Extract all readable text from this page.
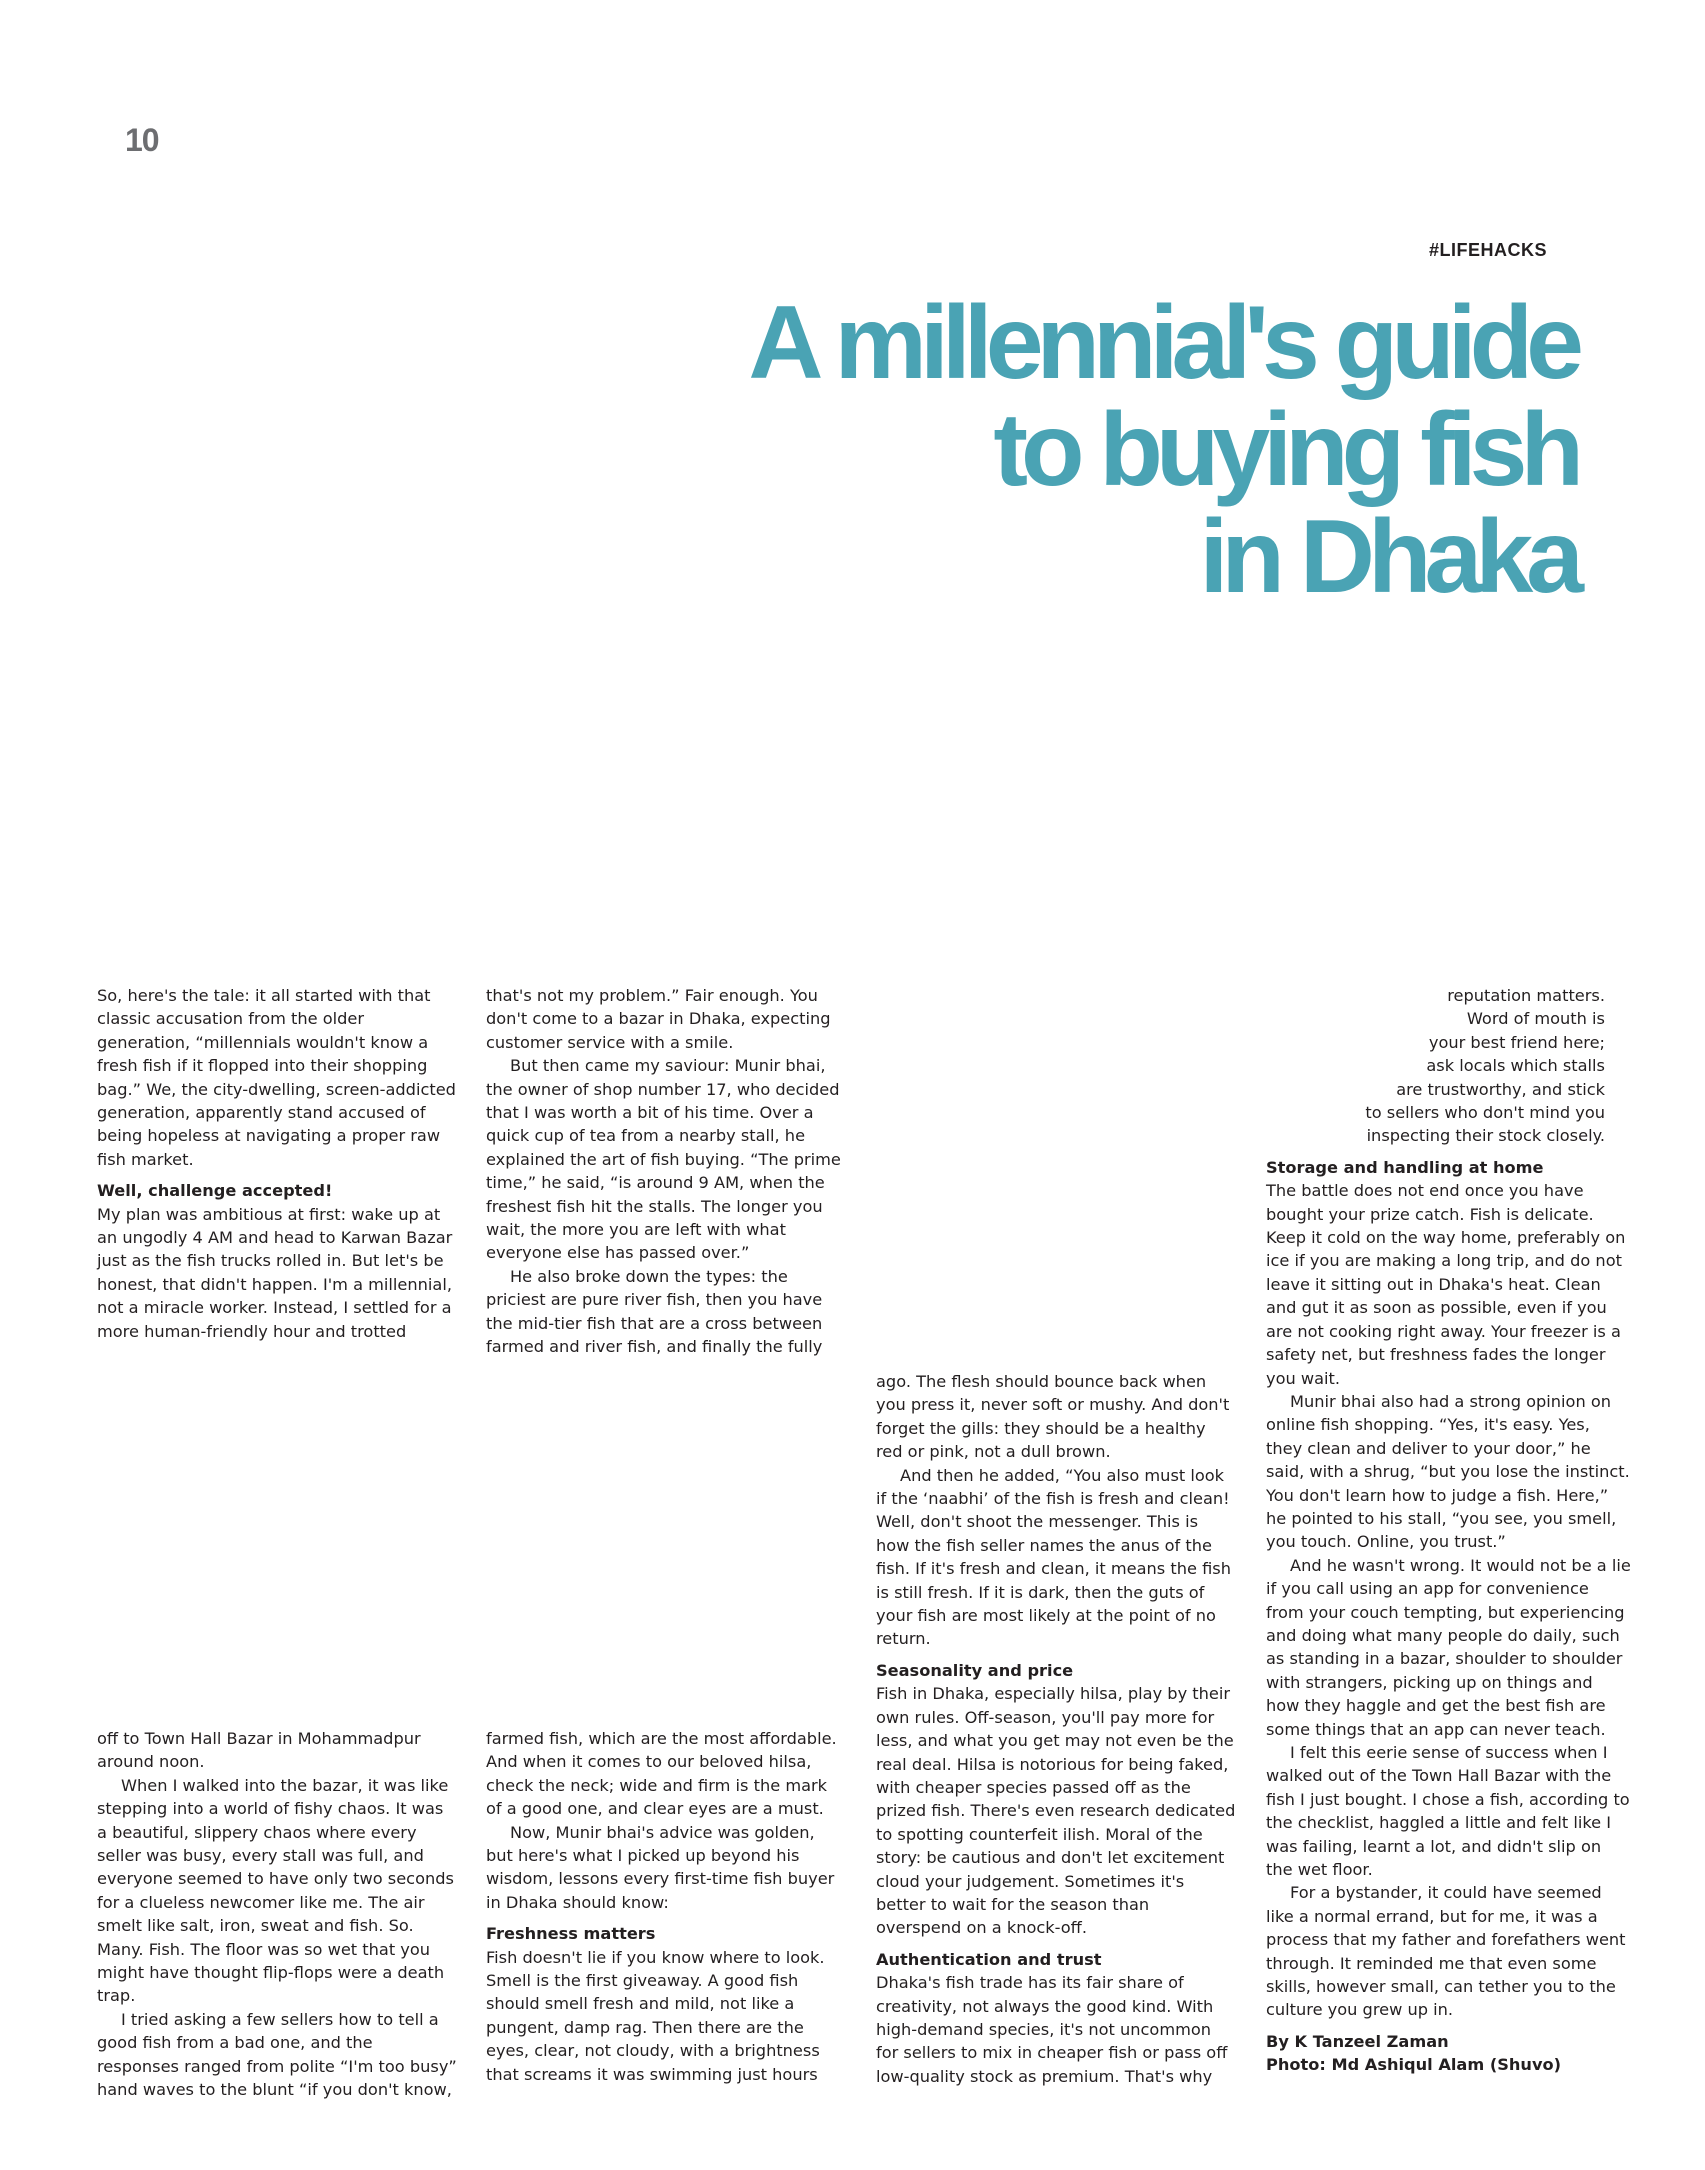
10
#LIFEHACKS
A millennial's guide
to buying fish
in Dhaka

So, here's the tale: it all started with that classic accusation from the older generation, “millennials wouldn't know a fresh fish if it flopped into their shopping bag.” We, the city-dwelling, screen-addicted generation, apparently stand accused of being hopeless at navigating a proper raw fish market.

Well, challenge accepted!

My plan was ambitious at first: wake up at an ungodly 4 AM and head to Karwan Bazar just as the fish trucks rolled in. But let's be honest, that didn't happen. I'm a millennial, not a miracle worker. Instead, I settled for a more human-friendly hour and trotted

that's not my problem.” Fair enough. You don't come to a bazar in Dhaka, expecting customer service with a smile.

But then came my saviour: Munir bhai, the owner of shop number 17, who decided that I was worth a bit of his time. Over a quick cup of tea from a nearby stall, he explained the art of fish buying. “The prime time,” he said, “is around 9 AM, when the freshest fish hit the stalls. The longer you wait, the more you are left with what everyone else has passed over.”

He also broke down the types: the priciest are pure river fish, then you have the mid-tier fish that are a cross between farmed and river fish, and finally the fully

reputation matters.
Word of mouth is
your best friend here;
ask locals which stalls
are trustworthy, and stick
to sellers who don't mind you
inspecting their stock closely.
Storage and handling at home

The battle does not end once you have bought your prize catch. Fish is delicate. Keep it cold on the way home, preferably on ice if you are making a long trip, and do not leave it sitting out in Dhaka's heat. Clean and gut it as soon as possible, even if you are not cooking right away. Your freezer is a safety net, but freshness fades the longer you wait.

Munir bhai also had a strong opinion on online fish shopping. “Yes, it's easy. Yes, they clean and deliver to your door,” he said, with a shrug, “but you lose the instinct. You don't learn how to judge a fish. Here,” he pointed to his stall, “you see, you smell, you touch. Online, you trust.”

And he wasn't wrong. It would not be a lie if you call using an app for convenience from your couch tempting, but experiencing and doing what many people do daily, such as standing in a bazar, shoulder to shoulder with strangers, picking up on things and how they haggle and get the best fish are some things that an app can never teach.

I felt this eerie sense of success when I walked out of the Town Hall Bazar with the fish I just bought. I chose a fish, according to the checklist, haggled a little and felt like I was failing, learnt a lot, and didn't slip on the wet floor.

For a bystander, it could have seemed like a normal errand, but for me, it was a process that my father and forefathers went through. It reminded me that even some skills, however small, can tether you to the culture you grew up in.

By K Tanzeel Zaman

Photo: Md Ashiqul Alam (Shuvo)

ago. The flesh should bounce back when you press it, never soft or mushy. And don't forget the gills: they should be a healthy red or pink, not a dull brown.

And then he added, “You also must look if the ‘naabhi’ of the fish is fresh and clean! Well, don't shoot the messenger. This is how the fish seller names the anus of the fish. If it's fresh and clean, it means the fish is still fresh. If it is dark, then the guts of your fish are most likely at the point of no return.

Seasonality and price

Fish in Dhaka, especially hilsa, play by their own rules. Off-season, you'll pay more for less, and what you get may not even be the real deal. Hilsa is notorious for being faked, with cheaper species passed off as the prized fish. There's even research dedicated to spotting counterfeit ilish. Moral of the story: be cautious and don't let excitement cloud your judgement. Sometimes it's better to wait for the season than overspend on a knock-off.

Authentication and trust

Dhaka's fish trade has its fair share of creativity, not always the good kind. With high-demand species, it's not uncommon for sellers to mix in cheaper fish or pass off low-quality stock as premium. That's why

off to Town Hall Bazar in Mohammadpur around noon.

When I walked into the bazar, it was like stepping into a world of fishy chaos. It was a beautiful, slippery chaos where every seller was busy, every stall was full, and everyone seemed to have only two seconds for a clueless newcomer like me. The air smelt like salt, iron, sweat and fish. So. Many. Fish. The floor was so wet that you might have thought flip-flops were a death trap.

I tried asking a few sellers how to tell a good fish from a bad one, and the responses ranged from polite “I'm too busy” hand waves to the blunt “if you don't know,

farmed fish, which are the most affordable. And when it comes to our beloved hilsa, check the neck; wide and firm is the mark of a good one, and clear eyes are a must.

Now, Munir bhai's advice was golden, but here's what I picked up beyond his wisdom, lessons every first-time fish buyer in Dhaka should know:

Freshness matters

Fish doesn't lie if you know where to look. Smell is the first giveaway. A good fish should smell fresh and mild, not like a pungent, damp rag. Then there are the eyes, clear, not cloudy, with a brightness that screams it was swimming just hours
